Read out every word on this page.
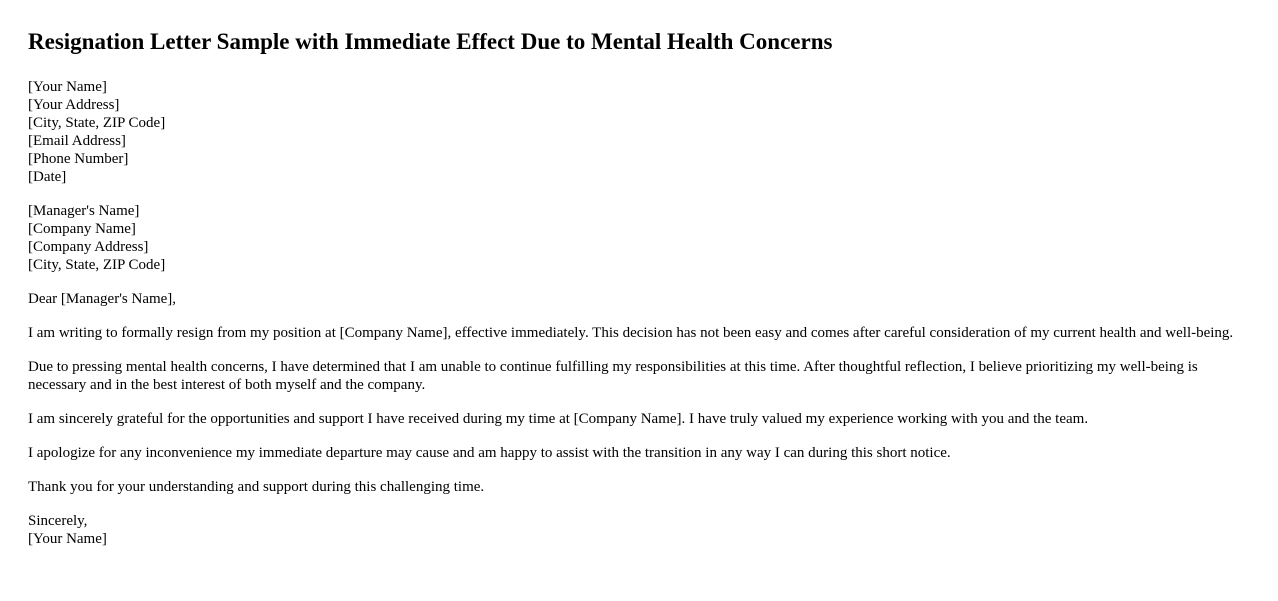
Resignation Letter Sample with Immediate Effect Due to Mental Health Concerns
[Your Name]
[Your Address]
[City, State, ZIP Code]
[Email Address]
[Phone Number]
[Date]
[Manager's Name]
[Company Name]
[Company Address]
[City, State, ZIP Code]

Dear [Manager's Name],

I am writing to formally resign from my position at [Company Name], effective immediately. This decision has not been easy and comes after careful consideration of my current health and well-being.

Due to pressing mental health concerns, I have determined that I am unable to continue fulfilling my responsibilities at this time. After thoughtful reflection, I believe prioritizing my well-being is necessary and in the best interest of both myself and the company.

I am sincerely grateful for the opportunities and support I have received during my time at [Company Name]. I have truly valued my experience working with you and the team.

I apologize for any inconvenience my immediate departure may cause and am happy to assist with the transition in any way I can during this short notice.

Thank you for your understanding and support during this challenging time.

Sincerely,
[Your Name]
